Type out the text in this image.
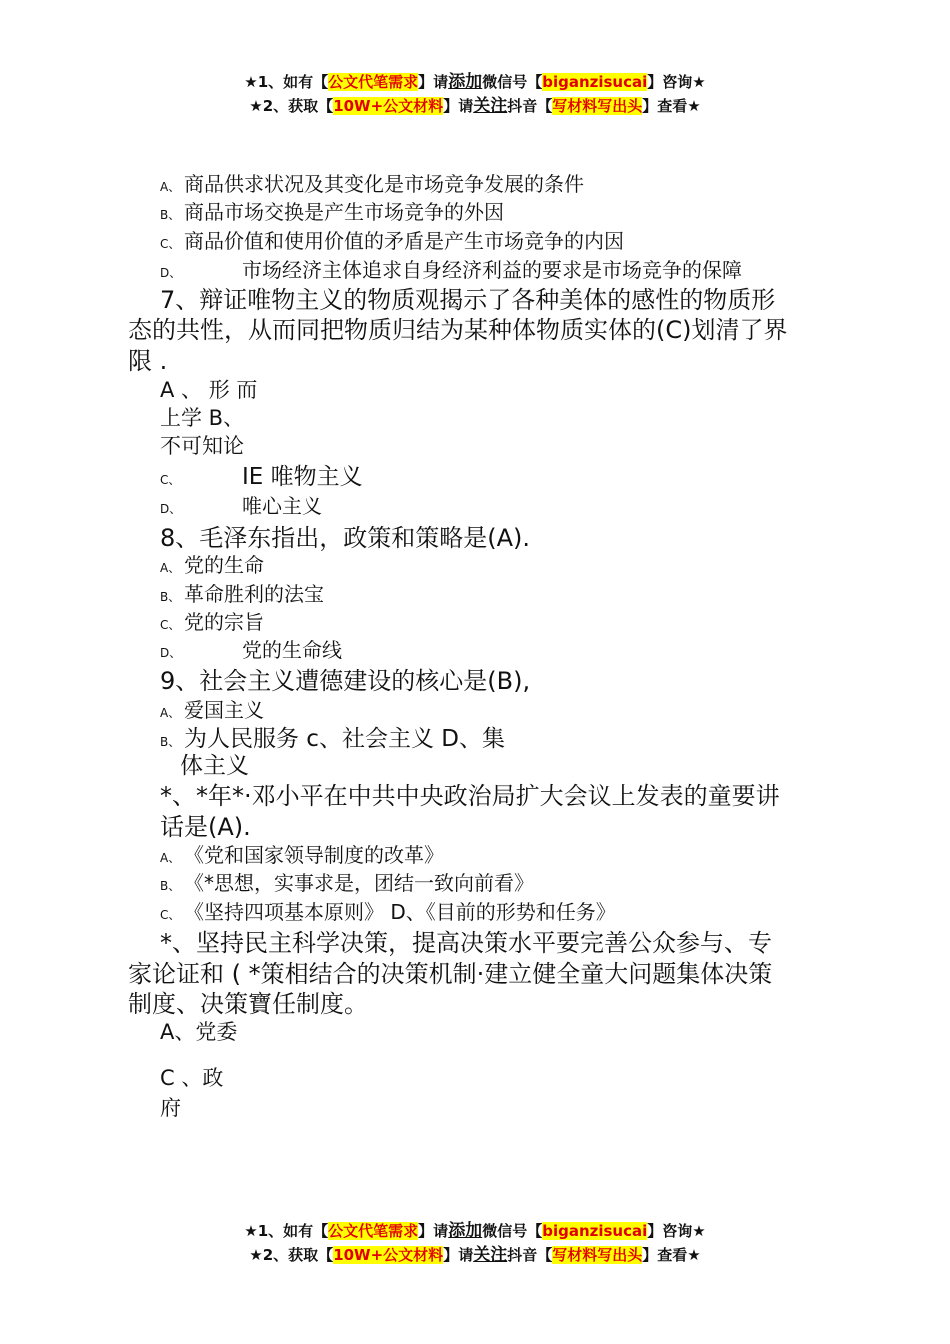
★1、如有【公文代笔需求】请添加微信号【biganzisucai】咨询★
★2、获取【10W+公文材料】请关注抖音【写材料写出头】查看★
A、 商品供求状况及其变化是市场竞争发展的条件
B、 商品市场交换是产生市场竞争的外因
C、 商品价值和使用价值的矛盾是产生市场竞争的内因
D、	市场经济主体追求自身经济利益的要求是市场竞争的保障
7、辩证唯物主义的物质观揭示了各种美体的感性的物质形
态的共性，从而同把物质归结为某种体物质实体的(C)划清了界
限 .
A 、 形 而
上学 B、
不可知论
C、	IE 唯物主义
D、	唯心主义
8、毛泽东指出，政策和策略是(A).
A、 党的生命
B、 革命胜利的法宝
C、 党的宗旨
D、	党的生命线
9、社会主义遭德建设的核心是(B),
A、 爱国主义
B、 为人民服务 c、社会主义 D、集
体主义
*、*年*·邓小平在中共中央政治局扩大会议上发表的童要讲
话是(A).
A、 《党和国家领导制度的改革》
B、 《*思想，实事求是，团结一致向前看》
C、 《坚持四项基本原则》 D、《目前的形势和任务》
*、坚持民主科学决策，提高决策水平要完善公众参与、专
家论证和 ( *策相结合的决策机制·建立健全童大问题集体决策
制度、决策寶任制度。
A、党委
C 、政
府
★1、如有【公文代笔需求】请添加微信号【biganzisucai】咨询★
★2、获取【10W+公文材料】请关注抖音【写材料写出头】查看★
